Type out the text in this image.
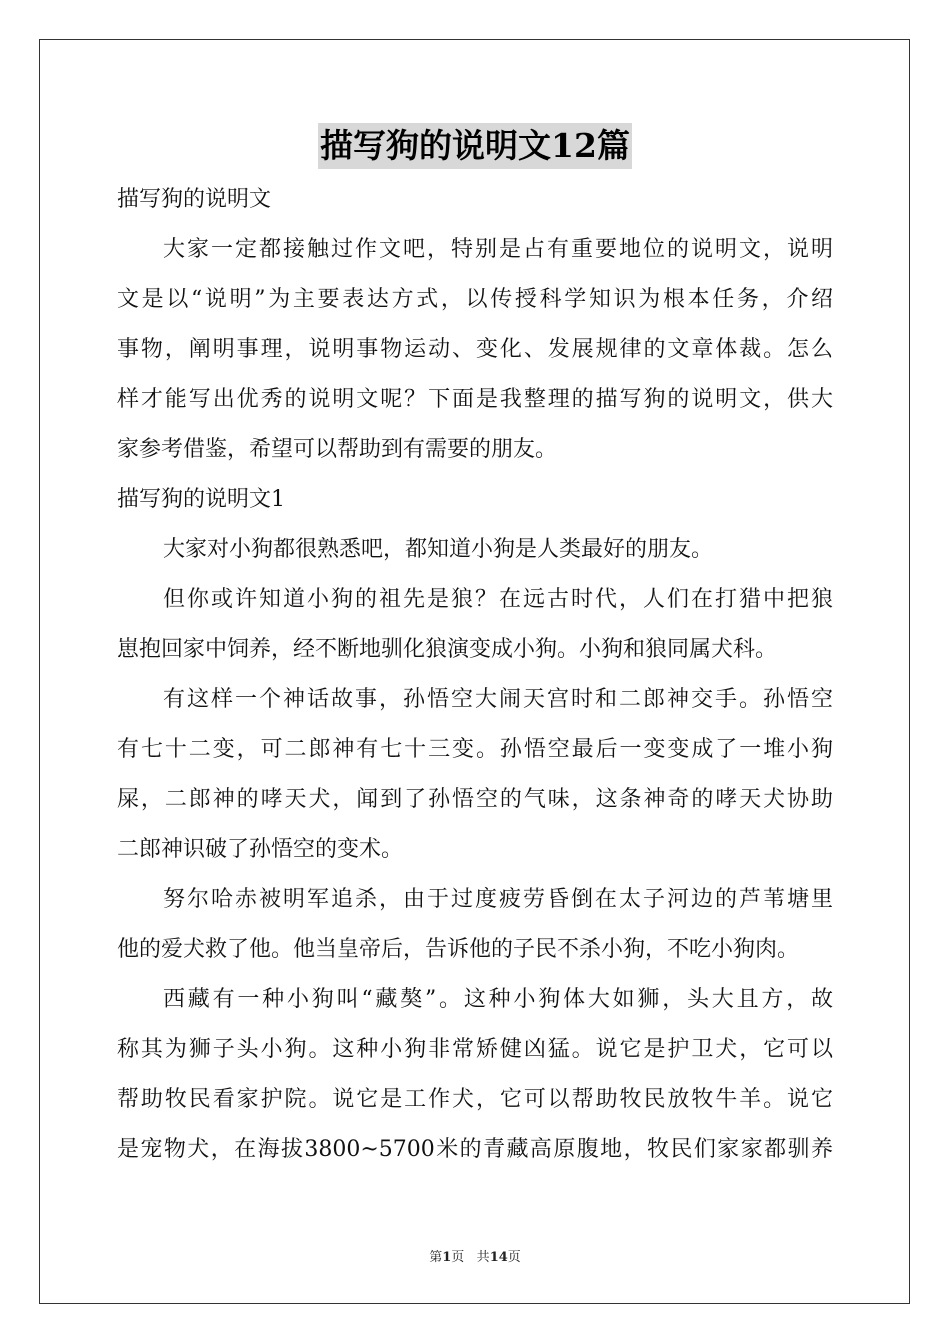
描写狗的说明文12篇
描写狗的说明文
大家一定都接触过作文吧，特别是占有重要地位的说明文，说明
文是以“说明”为主要表达方式，以传授科学知识为根本任务，介绍
事物，阐明事理，说明事物运动、变化、发展规律的文章体裁。怎么
样才能写出优秀的说明文呢？下面是我整理的描写狗的说明文，供大
家参考借鉴，希望可以帮助到有需要的朋友。
描写狗的说明文1
大家对小狗都很熟悉吧，都知道小狗是人类最好的朋友。
但你或许知道小狗的祖先是狼？在远古时代，人们在打猎中把狼
崽抱回家中饲养，经不断地驯化狼演变成小狗。小狗和狼同属犬科。
有这样一个神话故事，孙悟空大闹天宫时和二郎神交手。孙悟空
有七十二变，可二郎神有七十三变。孙悟空最后一变变成了一堆小狗
屎，二郎神的哮天犬，闻到了孙悟空的气味，这条神奇的哮天犬协助
二郎神识破了孙悟空的变术。
努尔哈赤被明军追杀，由于过度疲劳昏倒在太子河边的芦苇塘里
他的爱犬救了他。他当皇帝后，告诉他的子民不杀小狗，不吃小狗肉。
西藏有一种小狗叫“藏獒”。这种小狗体大如狮，头大且方，故
称其为狮子头小狗。这种小狗非常矫健凶猛。说它是护卫犬，它可以
帮助牧民看家护院。说它是工作犬，它可以帮助牧民放牧牛羊。说它
是宠物犬，在海拔3800~5700米的青藏高原腹地，牧民们家家都驯养
第1页 共14页
